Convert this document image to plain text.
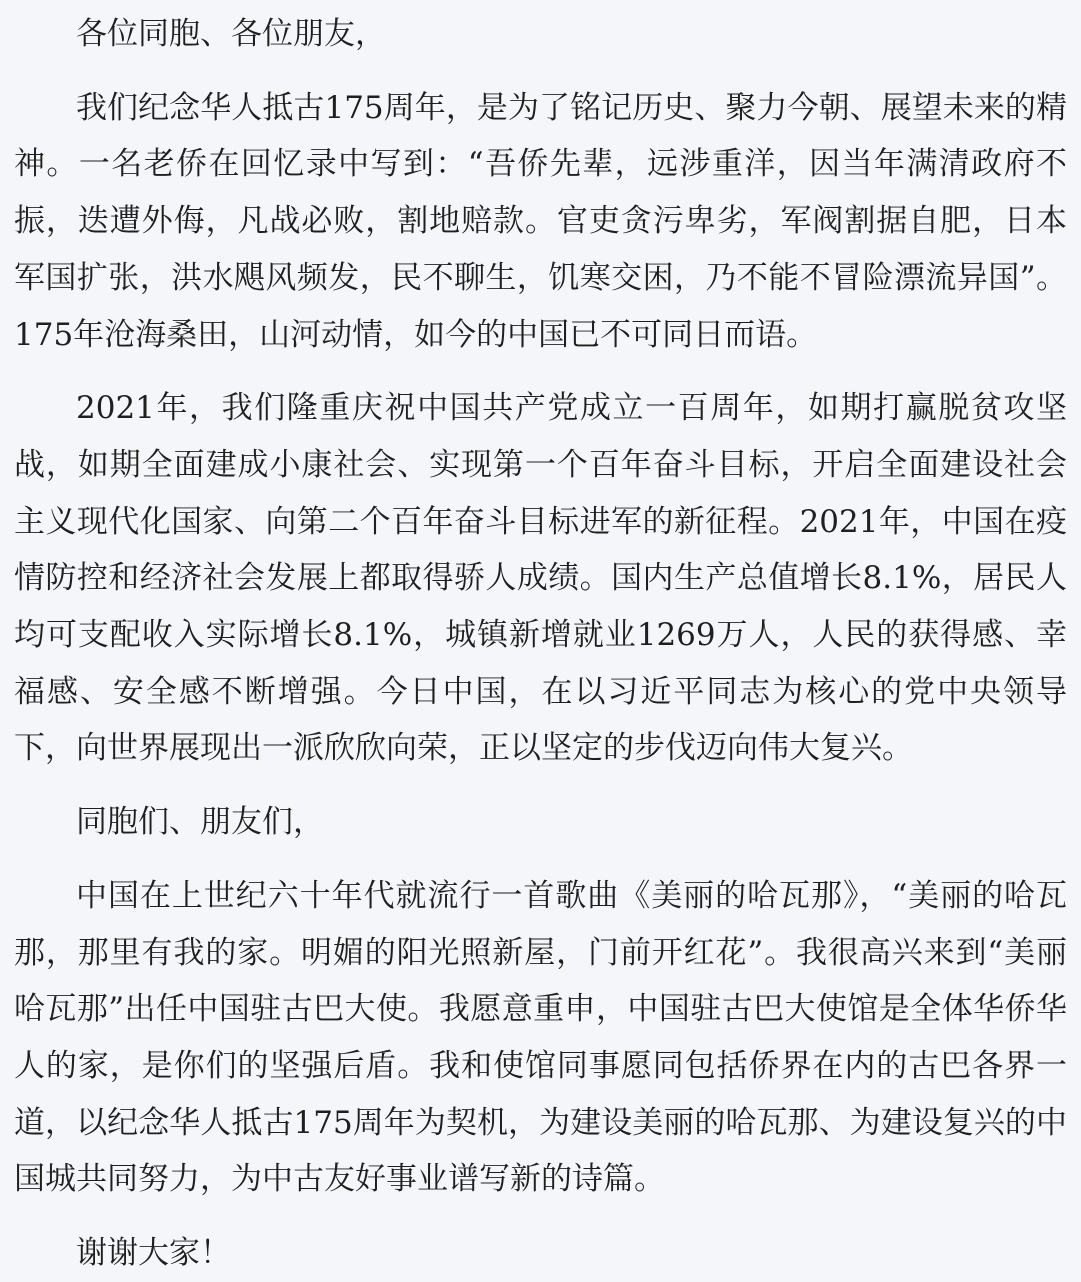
各位同胞、各位朋友，

我们纪念华人抵古175周年，是为了铭记历史、聚力今朝、展望未来的精神。一名老侨在回忆录中写到：“吾侨先辈，远涉重洋，因当年满清政府不振，迭遭外侮，凡战必败，割地赔款。官吏贪污卑劣，军阀割据自肥，日本军国扩张，洪水飓风频发，民不聊生，饥寒交困，乃不能不冒险漂流异国”。175年沧海桑田，山河动情，如今的中国已不可同日而语。

2021年，我们隆重庆祝中国共产党成立一百周年，如期打赢脱贫攻坚战，如期全面建成小康社会、实现第一个百年奋斗目标，开启全面建设社会主义现代化国家、向第二个百年奋斗目标进军的新征程。2021年，中国在疫情防控和经济社会发展上都取得骄人成绩。国内生产总值增长8.1%，居民人均可支配收入实际增长8.1%，城镇新增就业1269万人，人民的获得感、幸福感、安全感不断增强。今日中国，在以习近平同志为核心的党中央领导下，向世界展现出一派欣欣向荣，正以坚定的步伐迈向伟大复兴。

同胞们、朋友们，

中国在上世纪六十年代就流行一首歌曲《美丽的哈瓦那》，“美丽的哈瓦那，那里有我的家。明媚的阳光照新屋，门前开红花”。我很高兴来到“美丽哈瓦那”出任中国驻古巴大使。我愿意重申，中国驻古巴大使馆是全体华侨华人的家，是你们的坚强后盾。我和使馆同事愿同包括侨界在内的古巴各界一道，以纪念华人抵古175周年为契机，为建设美丽的哈瓦那、为建设复兴的中国城共同努力，为中古友好事业谱写新的诗篇。

谢谢大家！
